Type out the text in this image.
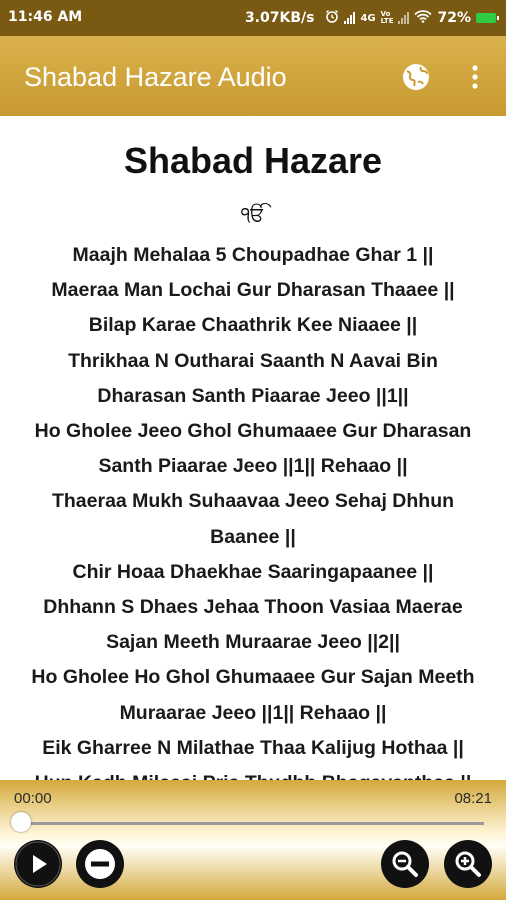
11:46 AM	3.07KB/s	4G Vo
LTE	72%
Shabad Hazare Audio
Shabad Hazare
ੴ
Maajh Mehalaa 5 Choupadhae Ghar 1 ||
Maeraa Man Lochai Gur Dharasan Thaaee ||
Bilap Karae Chaathrik Kee Niaaee ||
Thrikhaa N Outharai Saanth N Aavai Bin
Dharasan Santh Piaarae Jeeo ||1||
Ho Gholee Jeeo Ghol Ghumaaee Gur Dharasan
Santh Piaarae Jeeo ||1|| Rehaao ||
Thaeraa Mukh Suhaavaa Jeeo Sehaj Dhhun
Baanee ||
Chir Hoaa Dhaekhae Saaringapaanee ||
Dhhann S Dhaes Jehaa Thoon Vasiaa Maerae
Sajan Meeth Muraarae Jeeo ||2||
Ho Gholee Ho Ghol Ghumaaee Gur Sajan Meeth
Muraarae Jeeo ||1|| Rehaao ||
Eik Gharree N Milathae Thaa Kalijug Hothaa ||
00:00	08:21
